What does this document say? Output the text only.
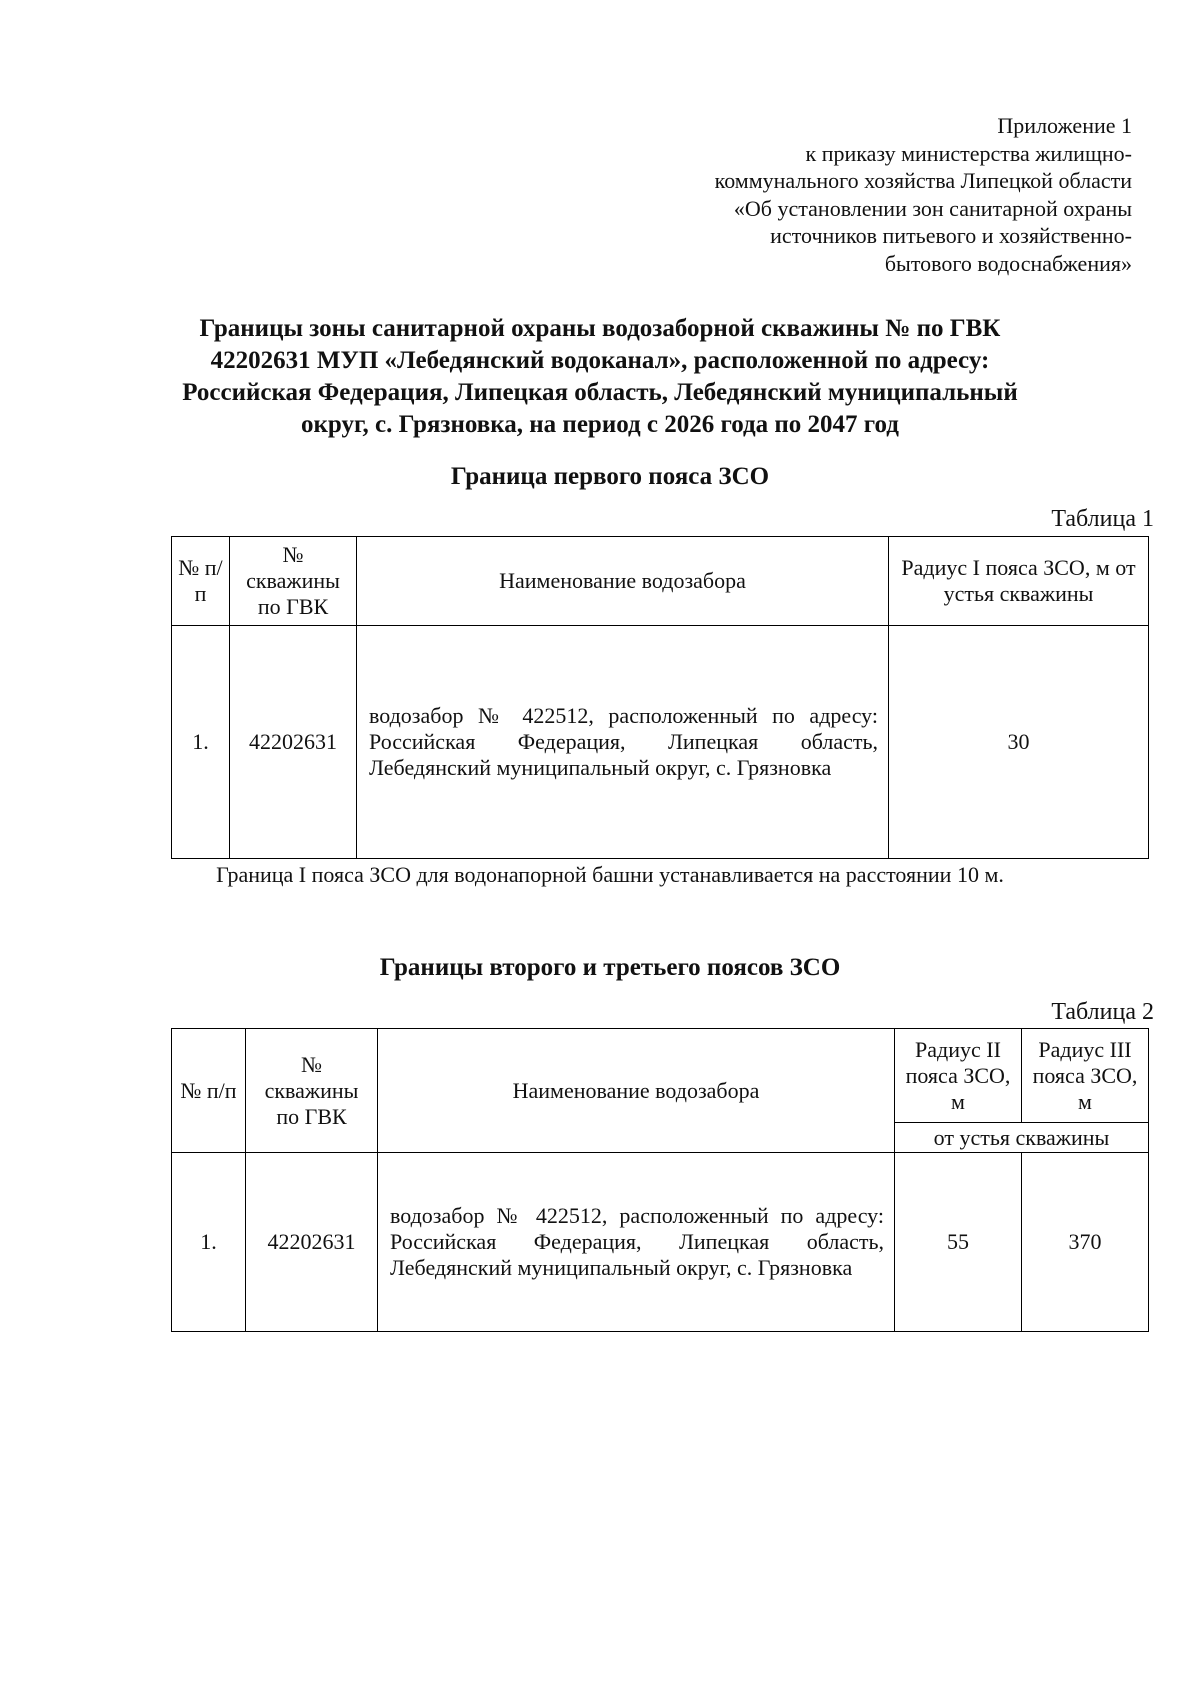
Приложение 1
к приказу министерства жилищно-
коммунального хозяйства Липецкой области
«Об установлении зон санитарной охраны
источников питьевого и хозяйственно-
бытового водоснабжения»
Границы зоны санитарной охраны водозаборной скважины № по ГВК
42202631 МУП «Лебедянский водоканал», расположенной по адресу:
Российская Федерация, Липецкая область, Лебедянский муниципальный
округ, с. Грязновка, на период с 2026 года по 2047 год
Граница первого пояса ЗСО
Таблица 1
№ п/п	№ скважины по ГВК	Наименование водозабора	Радиус I пояса ЗСО, м от устья скважины
1.	42202631	водозабор № 422512, расположенный по адресу: Российская Федерация, Липецкая область, Лебедянский муниципальный округ, с. Грязновка	30
Граница I пояса ЗСО для водонапорной башни устанавливается на расстоянии 10 м.
Границы второго и третьего поясов ЗСО
Таблица 2
№ п/п	№ скважины по ГВК	Наименование водозабора	Радиус II пояса ЗСО, м	Радиус III пояса ЗСО, м
			от устья скважины	
1.	42202631	водозабор № 422512, расположенный по адресу: Российская Федерация, Липецкая область, Лебедянский муниципальный округ, с. Грязновка	55	370
